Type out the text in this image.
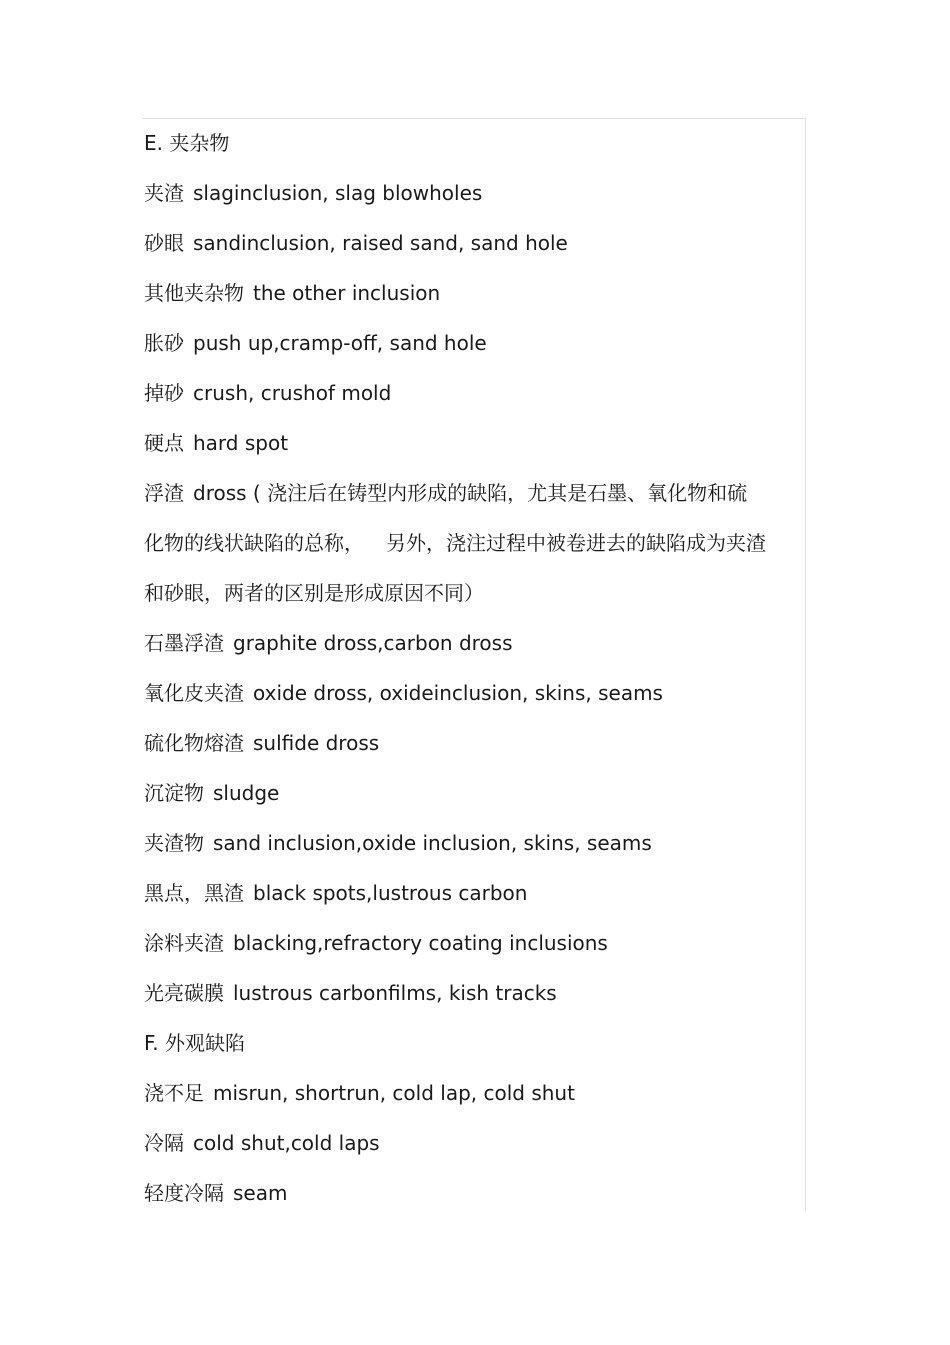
E. 夹杂物
夹渣 slaginclusion, slag blowholes
砂眼 sandinclusion, raised sand, sand hole
其他夹杂物 the other inclusion
胀砂 push up,cramp-off, sand hole
掉砂 crush, crushof mold
硬点 hard spot
浮渣 dross ( 浇注后在铸型内形成的缺陷，尤其是石墨、氧化物和硫
化物的线状缺陷的总称， 另外，浇注过程中被卷进去的缺陷成为夹渣
和砂眼，两者的区别是形成原因不同）
石墨浮渣 graphite dross,carbon dross
氧化皮夹渣 oxide dross, oxideinclusion, skins, seams
硫化物熔渣 sulfide dross
沉淀物 sludge
夹渣物 sand inclusion,oxide inclusion, skins, seams
黑点，黑渣 black spots,lustrous carbon
涂料夹渣 blacking,refractory coating inclusions
光亮碳膜 lustrous carbonfilms, kish tracks
F. 外观缺陷
浇不足 misrun, shortrun, cold lap, cold shut
冷隔 cold shut,cold laps
轻度冷隔 seam
